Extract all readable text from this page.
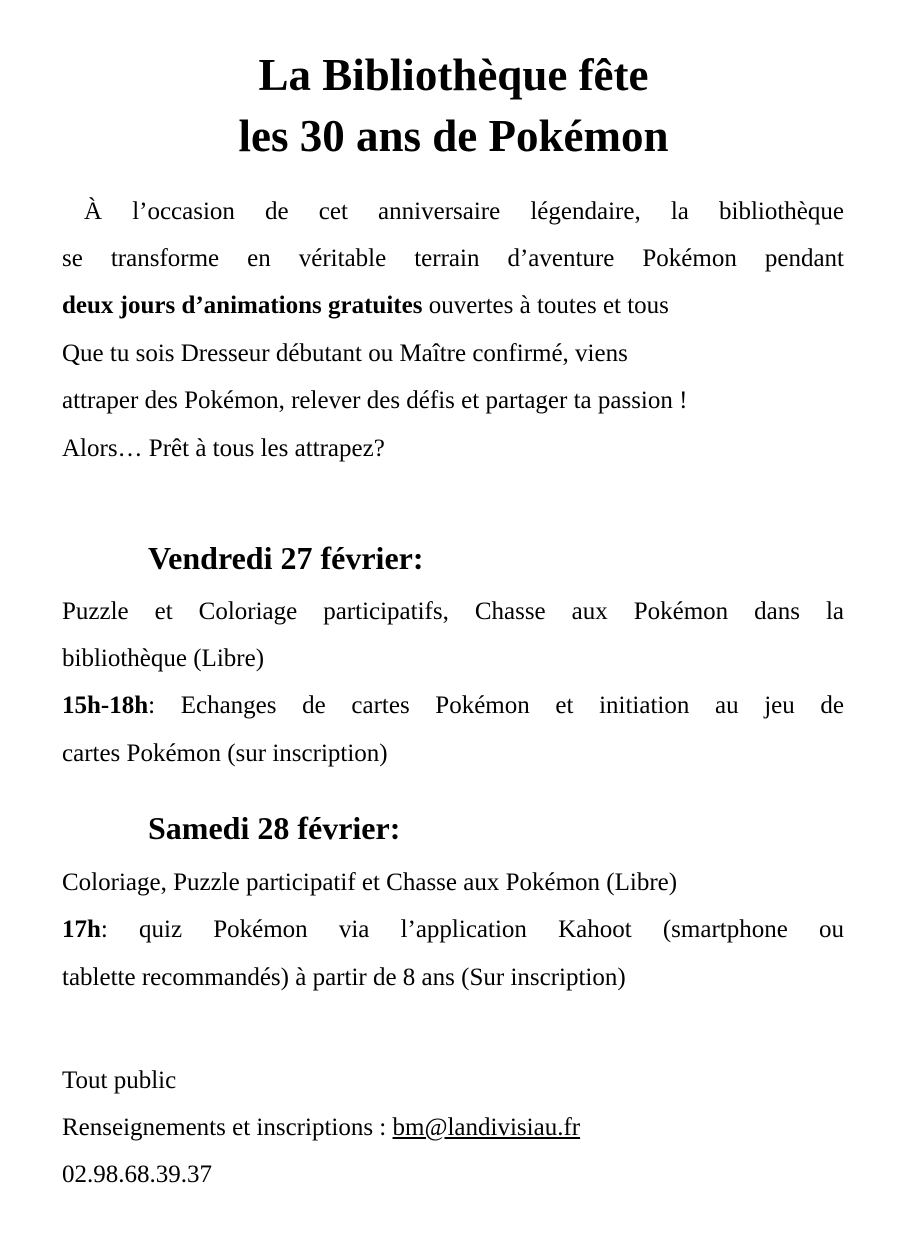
La Bibliothèque fête
les 30 ans de Pokémon

À l’occasion de cet anniversaire légendaire, la bibliothèque

se transforme en véritable terrain d’aventure Pokémon pendant

deux jours d’animations gratuites ouvertes à toutes et tous

Que tu sois Dresseur débutant ou Maître confirmé, viens

attraper des Pokémon, relever des défis et partager ta passion !

Alors… Prêt à tous les attrapez?

Vendredi 27 février:

Puzzle et Coloriage participatifs, Chasse aux Pokémon dans la

bibliothèque (Libre)

15h-18h: Echanges de cartes Pokémon et initiation au jeu de

cartes Pokémon (sur inscription)

Samedi 28 février:

Coloriage, Puzzle participatif et Chasse aux Pokémon (Libre)

17h: quiz Pokémon via l’application Kahoot (smartphone ou

tablette recommandés) à partir de 8 ans (Sur inscription)

Tout public

Renseignements et inscriptions : bm@landivisiau.fr

02.98.68.39.37
